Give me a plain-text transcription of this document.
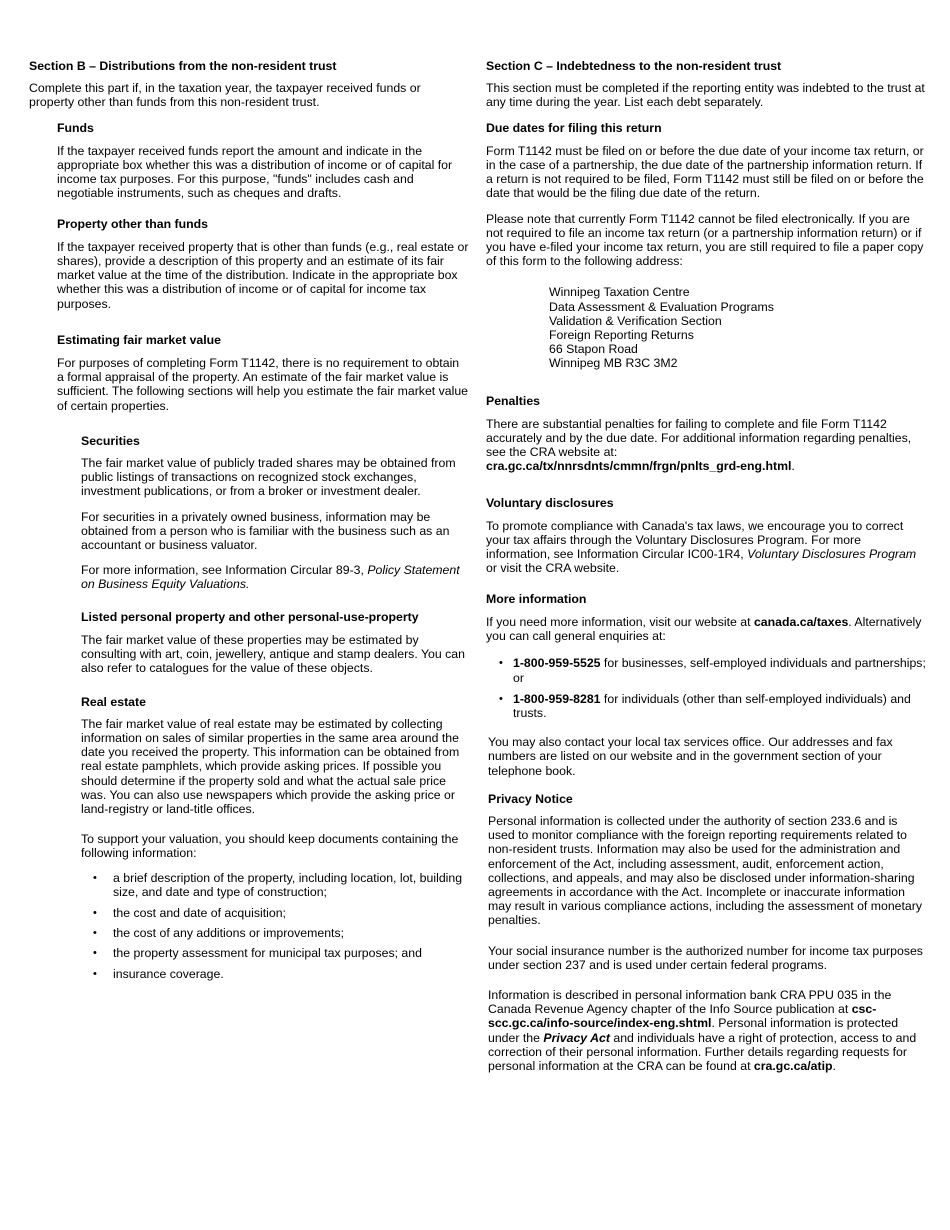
Section B – Distributions from the non-resident trust

Complete this part if, in the taxation year, the taxpayer received funds or property other than funds from this non-resident trust.

Funds

If the taxpayer received funds report the amount and indicate in the appropriate box whether this was a distribution of income or of capital for income tax purposes. For this purpose, "funds" includes cash and negotiable instruments, such as cheques and drafts.

Property other than funds

If the taxpayer received property that is other than funds (e.g., real estate or shares), provide a description of this property and an estimate of its fair market value at the time of the distribution. Indicate in the appropriate box whether this was a distribution of income or of capital for income tax purposes.

Estimating fair market value

For purposes of completing Form T1142, there is no requirement to obtain a formal appraisal of the property. An estimate of the fair market value is sufficient. The following sections will help you estimate the fair market value of certain properties.

Securities

The fair market value of publicly traded shares may be obtained from public listings of transactions on recognized stock exchanges, investment publications, or from a broker or investment dealer.

For securities in a privately owned business, information may be obtained from a person who is familiar with the business such as an accountant or business valuator.

For more information, see Information Circular 89-3, Policy Statement on Business Equity Valuations.

Listed personal property and other personal-use-property

The fair market value of these properties may be estimated by consulting with art, coin, jewellery, antique and stamp dealers. You can also refer to catalogues for the value of these objects.

Real estate

The fair market value of real estate may be estimated by collecting information on sales of similar properties in the same area around the date you received the property. This information can be obtained from real estate pamphlets, which provide asking prices. If possible you should determine if the property sold and what the actual sale price was. You can also use newspapers which provide the asking price or land-registry or land-title offices.

To support your valuation, you should keep documents containing the following information:

• a brief description of the property, including location, lot, building size, and date and type of construction;
• the cost and date of acquisition;
• the cost of any additions or improvements;
• the property assessment for municipal tax purposes; and
• insurance coverage.
Section C – Indebtedness to the non-resident trust

This section must be completed if the reporting entity was indebted to the trust at any time during the year. List each debt separately.

Due dates for filing this return

Form T1142 must be filed on or before the due date of your income tax return, or in the case of a partnership, the due date of the partnership information return. If a return is not required to be filed, Form T1142 must still be filed on or before the date that would be the filing due date of the return.

Please note that currently Form T1142 cannot be filed electronically. If you are not required to file an income tax return (or a partnership information return) or if you have e-filed your income tax return, you are still required to file a paper copy of this form to the following address:

Winnipeg Taxation Centre
Data Assessment & Evaluation Programs
Validation & Verification Section
Foreign Reporting Returns
66 Stapon Road
Winnipeg MB R3C 3M2
Penalties

There are substantial penalties for failing to complete and file Form T1142 accurately and by the due date. For additional information regarding penalties, see the CRA website at:
cra.gc.ca/tx/nnrsdnts/cmmn/frgn/pnlts_grd-eng.html.

Voluntary disclosures

To promote compliance with Canada's tax laws, we encourage you to correct your tax affairs through the Voluntary Disclosures Program. For more information, see Information Circular IC00-1R4, Voluntary Disclosures Program or visit the CRA website.

More information

If you need more information, visit our website at canada.ca/taxes. Alternatively you can call general enquiries at:

• 1-800-959-5525 for businesses, self-employed individuals and partnerships; or
• 1-800-959-8281 for individuals (other than self-employed individuals) and trusts.

You may also contact your local tax services office. Our addresses and fax numbers are listed on our website and in the government section of your telephone book.

Privacy Notice

Personal information is collected under the authority of section 233.6 and is used to monitor compliance with the foreign reporting requirements related to non-resident trusts. Information may also be used for the administration and enforcement of the Act, including assessment, audit, enforcement action, collections, and appeals, and may also be disclosed under information-sharing agreements in accordance with the Act. Incomplete or inaccurate information may result in various compliance actions, including the assessment of monetary penalties.

Your social insurance number is the authorized number for income tax purposes under section 237 and is used under certain federal programs.

Information is described in personal information bank CRA PPU 035 in the Canada Revenue Agency chapter of the Info Source publication at csc-scc.gc.ca/info-source/index-eng.shtml. Personal information is protected under the Privacy Act and individuals have a right of protection, access to and correction of their personal information. Further details regarding requests for personal information at the CRA can be found at cra.gc.ca/atip.
